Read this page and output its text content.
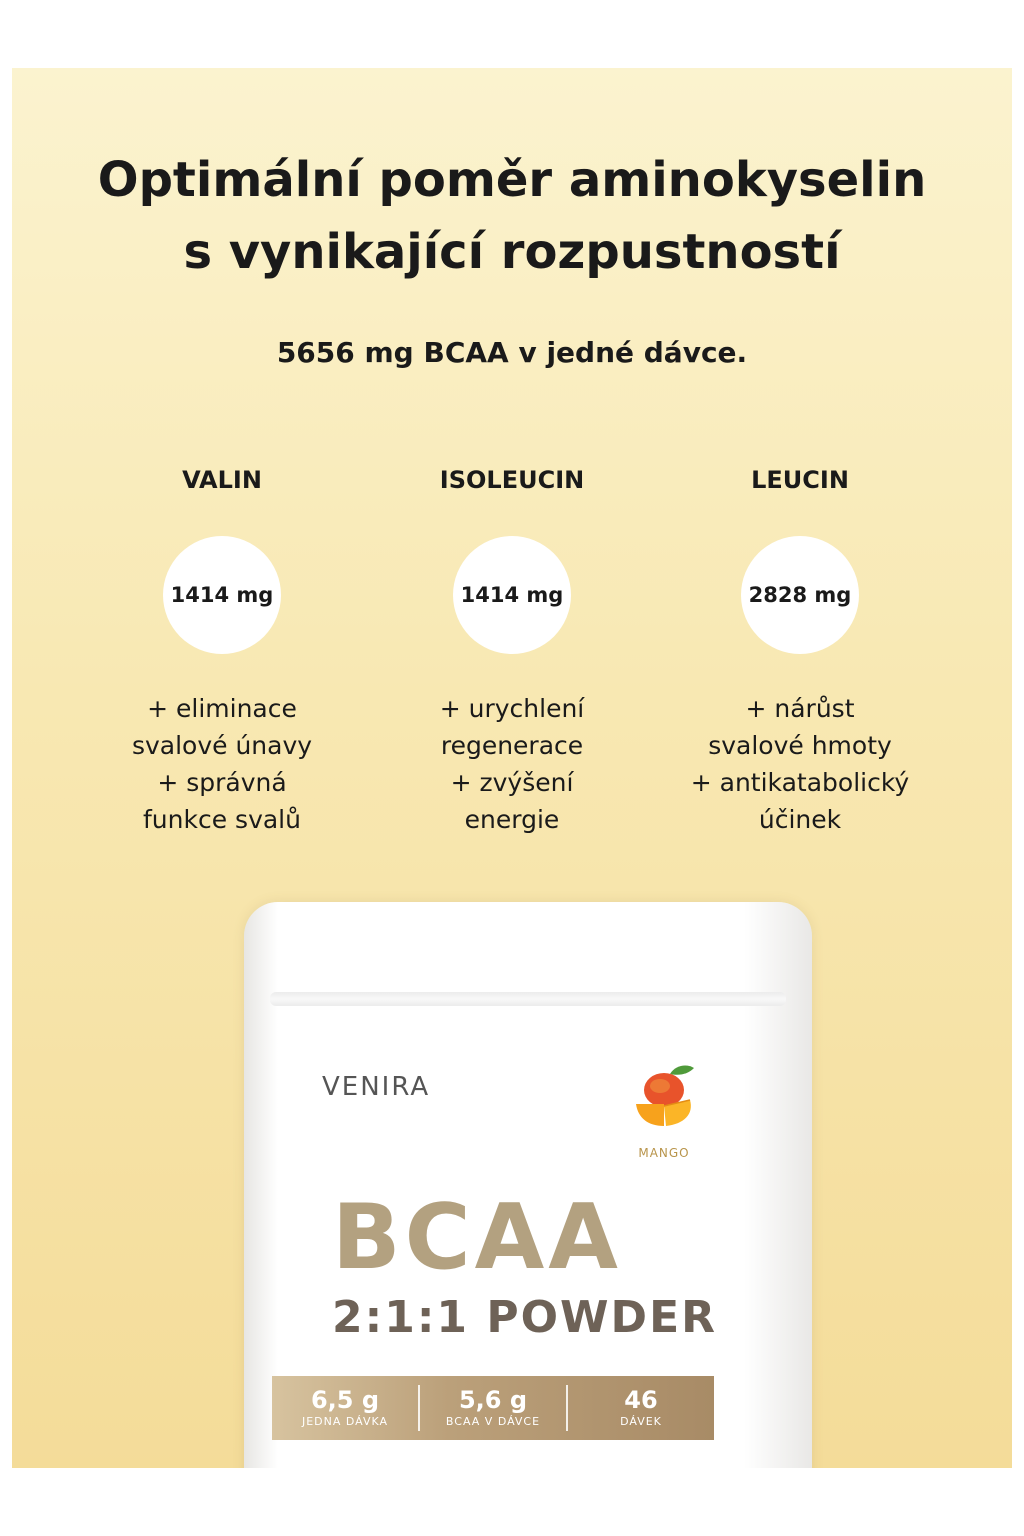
Optimální poměr aminokyselin
s vynikající rozpustností

5656 mg BCAA v jedné dávce.

VALIN
1414 mg
+ eliminace
svalové únavy
+ správná
funkce svalů
ISOLEUCIN
1414 mg
+ urychlení
regenerace
+ zvýšení
energie
LEUCIN
2828 mg
+ nárůst
svalové hmoty
+ antikatabolický
účinek
VENIRA
MANGO
BCAA
2:1:1 POWDER
6,5 g
JEDNA DÁVKA
5,6 g
BCAA V DÁVCE
46
DÁVEK
